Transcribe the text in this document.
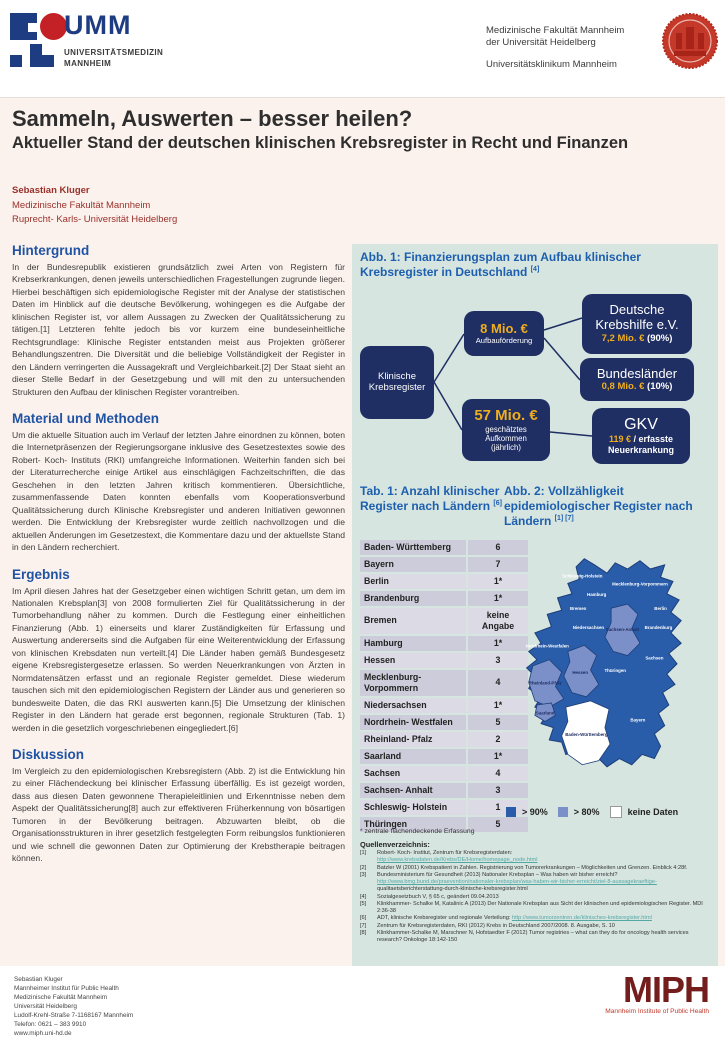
UMM
UNIVERSITÄTSMEDIZIN
MANNHEIM
Medizinische Fakultät Mannheim
der Universität Heidelberg
Universitätsklinikum Mannheim
Sammeln, Auswerten – besser heilen?
Aktueller Stand der deutschen klinischen Krebsregister in Recht und Finanzen
Sebastian Kluger
Medizinische Fakultät Mannheim
Ruprecht- Karls- Universität Heidelberg
Hintergrund

In der Bundesrepublik existieren grundsätzlich zwei Arten von Registern für Krebserkrankungen, denen jeweils unterschiedlichen Fragestellungen zugrunde liegen. Hierbei beschäftigen sich epidemiologische Register mit der Analyse der statistischen Daten im Hinblick auf die deutsche Bevölkerung, wohingegen es die Aufgabe der klinischen Register ist, vor allem Aussagen zu Zwecken der Qualitätssicherung zu tätigen.[1] Letzteren fehlte jedoch bis vor kurzem eine bundeseinheitliche Rechtsgrundlage: Klinische Register entstanden meist aus Projekten größerer Behandlungszentren. Die Diversität und die beliebige Vollständigkeit der Register in den Ländern verringerten die Aussagekraft und Vergleichbarkeit.[2] Der Staat sieht an dieser Stelle Bedarf in der Gesetzgebung und will mit den zu untersuchenden Strukturen den Aufbau der klinischen Register vorantreiben.

Material und Methoden

Um die aktuelle Situation auch im Verlauf der letzten Jahre einordnen zu können, boten die Internetpräsenzen der Regierungsorgane inklusive des Gesetzestextes sowie des Robert- Koch- Instituts (RKI) umfangreiche Informationen. Weiterhin fanden sich bei der Literaturrecherche einige Artikel aus einschlägigen Fachzeitschriften, die das Geschehen in den letzten Jahren kritisch kommentieren. Übersichtliche, zusammenfassende Daten konnten ebenfalls vom Kooperationsverbund Qualitätssicherung durch Klinische Krebsregister und anderen Initiativen gewonnen werden. Die Entwicklung der Krebsregister wurde zeitlich nachvollzogen und die aktuellen Änderungen im Gesetzestext, die Kommentare dazu und der aktuellste Stand in den Ländern recherchiert.

Ergebnis

Im April diesen Jahres hat der Gesetzgeber einen wichtigen Schritt getan, um dem im Nationalen Krebsplan[3] von 2008 formulierten Ziel für Qualitätssicherung in der Tumorbehandlung näher zu kommen. Durch die Festlegung einer einheitlichen Finanzierung (Abb. 1) einerseits und klarer Zuständigkeiten für Erfassung und Auswertung andererseits sind die Aufgaben für eine Weiterentwicklung der Erfassung von klinischen Krebsdaten nun verteilt.[4] Die Länder haben gemäß Bundesgesetz eigene Krebsregistergesetze erlassen. So werden Neuerkrankungen von Ärzten in Normdatensätzen erfasst und an regionale Register gemeldet. Diese wiederum tauschen sich mit den epidemiologischen Registern der Länder aus und generieren so bundesweite Daten, die das RKI auswerten kann.[5] Die Umsetzung der klinischen Register in den Ländern hat gerade erst begonnen, regionale Strukturen (Tab. 1) werden in die gesetzlich vorgeschriebenen eingegliedert.[6]

Diskussion

Im Vergleich zu den epidemiologischen Krebsregistern (Abb. 2) ist die Entwicklung hin zu einer Flächendeckung bei klinischer Erfassung überfällig. Es ist gezeigt worden, dass aus diesen Daten gewonnene Therapieleitlinien und Erkenntnisse neben dem Aspekt der Qualitätssicherung[8] auch zur effektiveren Früherkennung von bösartigen Tumoren in der Bevölkerung beitragen. Abzuwarten bleibt, ob die Organisationsstrukturen in ihrer gesetzlich festgelegten Form reibungslos funktionieren und wie schnell die gewonnen Daten zur Optimierung der Krebstherapie beitragen können.

Abb. 1: Finanzierungsplan zum Aufbau klinischer Krebsregister in Deutschland [4]
Klinische Krebsregister
8 Mio. €
Aufbauförderung
57 Mio. €
geschätztes
Aufkommen
(jährlich)
Deutsche Krebshilfe e.V.
7,2 Mio. € (90%)
Bundesländer
0,8 Mio. € (10%)
GKV
119 € / erfasste
Neuerkrankung
Tab. 1: Anzahl klinischer Register nach Ländern [6]
Baden- Württemberg	6
Bayern	7
Berlin	1*
Brandenburg	1*
Bremen	keine Angabe
Hamburg	1*
Hessen	3
Mecklenburg- Vorpommern	4
Niedersachsen	1*
Nordrhein- Westfalen	5
Rheinland- Pfalz	2
Saarland	1*
Sachsen	4
Sachsen- Anhalt	3
Schleswig- Holstein	1
Thüringen	5
* zentrale flächendeckende Erfassung
Abb. 2: Vollzähligkeit epidemiologischer Register nach Ländern [1] [7]
Schleswig-Holstein
Mecklenburg-Vorpommern
Hamburg
Bremen
Niedersachsen
Berlin
Brandenburg
Sachsen-Anhalt
Nordrhein-Westfalen
Sachsen
Thüringen
Hessen
Rheinland-Pfalz
Saarland
Bayern
Baden-Württemberg
> 90%	> 80%	keine Daten
Quellenverzeichnis:
[1]	Robert- Koch- Institut, Zentrum für Krebsregisterdaten:
http://www.krebsdaten.de/Krebs/DE/Home/homepage_node.html
[2]	Batzler W (2001) Krebspatient in Zahlen. Registrierung von Tumorerkrankungen – Möglichkeiten und Grenzen. Einblick 4:28f.
[3]	Bundesministerium für Gesundheit (2013) Nationaler Krebsplan – Was haben wir bisher erreicht?
http://www.bmg.bund.de/praevention/nationaler-krebsplan/was-haben-wir-bisher-erreicht/ziel-8-aussagekraeftige-
qualitaetsberichterstattung-durch-klinische-krebsregister.html
[4]	Sozialgesetzbuch V, § 65 c, geändert 09.04.2013
[5]	Klinkhammer- Schalke M, Katalinic A (2013) Der Nationale Krebsplan aus Sicht der klinischen und epidemiologischen Register. MDI 2:36-38
[6]	ADT, klinische Krebsregister und regionale Verteilung: http://www.tumorzentren.de/klinisches-krebsregister.html
[7]	Zentrum für Krebsregisterdaten, RKI (2012) Krebs in Deutschland 2007/2008. 8. Ausgabe, S. 10
[8]	Klinkhammer-Schalke M, Marschner N, Hofstaedter F (2012) Tumor registries – what can they do for oncology health services research? Onkologe 18:142-150
Sebastian Kluger
Mannheimer Institut für Public Health
Medizinische Fakultät Mannheim
Universität Heidelberg
Ludolf-Krehl-Straße 7-1168167 Mannheim
Telefon: 0621 – 383 9910
www.miph.uni-hd.de
MIPH
Mannheim Institute of Public Health
